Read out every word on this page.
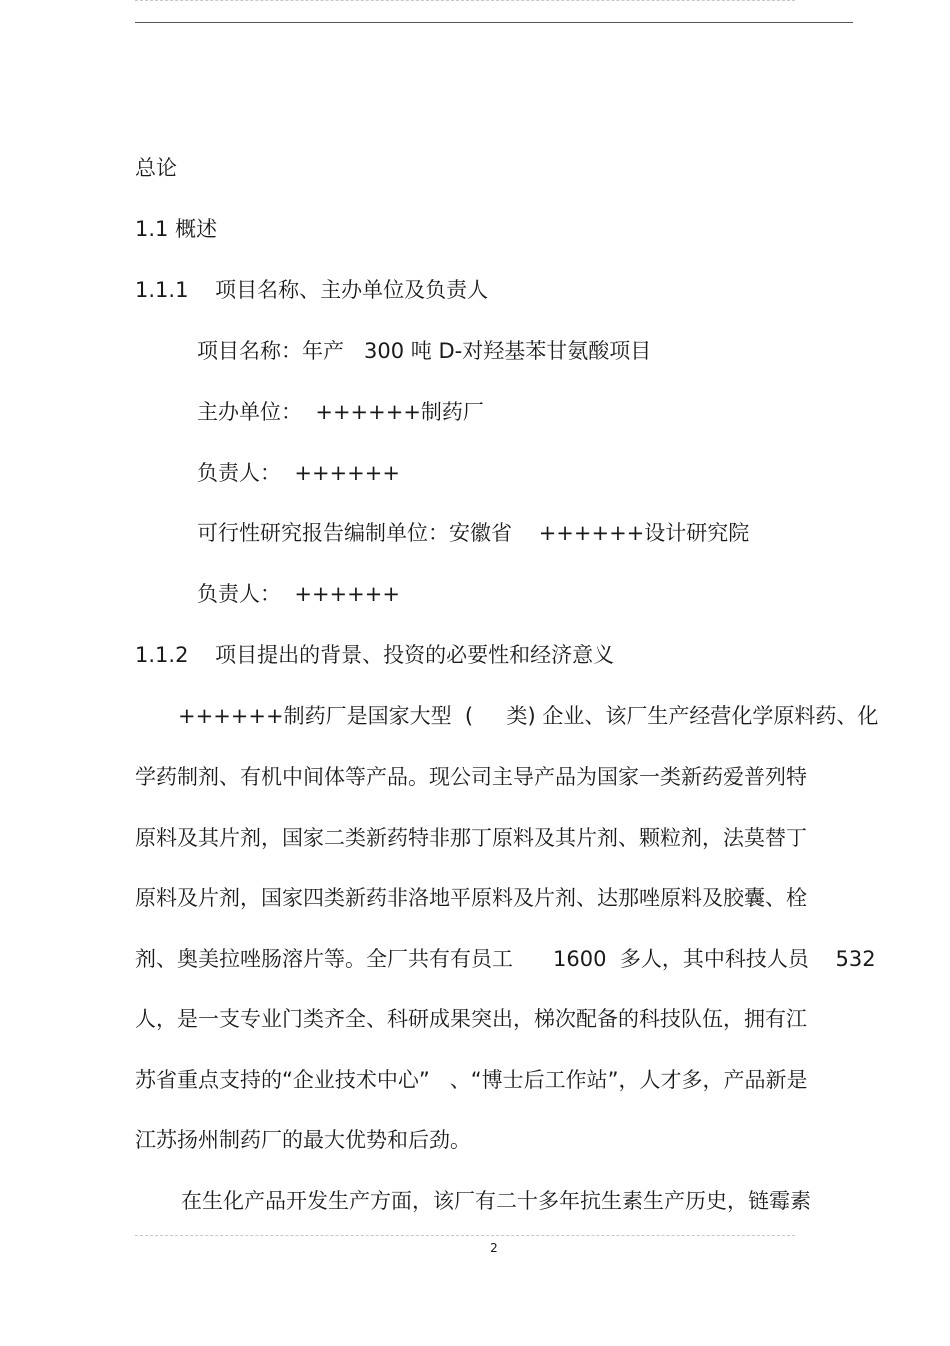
总论
1.1 概述
1.1.1    项目名称、主办单位及负责人
项目名称：年产   300 吨 D-对羟基苯甘氨酸项目
主办单位：  ++++++制药厂
负责人：  ++++++
可行性研究报告编制单位：安徽省    ++++++设计研究院
负责人：  ++++++
1.1.2    项目提出的背景、投资的必要性和经济意义
++++++制药厂是国家大型  (     类) 企业、该厂生产经营化学原料药、化
学药制剂、有机中间体等产品。现公司主导产品为国家一类新药爱普列特
原料及其片剂，国家二类新药特非那丁原料及其片剂、颗粒剂，法莫替丁
原料及片剂，国家四类新药非洛地平原料及片剂、达那唑原料及胶囊、栓
剂、奥美拉唑肠溶片等。全厂共有有员工      1600  多人，其中科技人员    532
人，是一支专业门类齐全、科研成果突出，梯次配备的科技队伍，拥有江
苏省重点支持的“企业技术中心”   、“博士后工作站”，人才多，产品新是
江苏扬州制药厂的最大优势和后劲。
在生化产品开发生产方面，该厂有二十多年抗生素生产历史，链霉素
2
